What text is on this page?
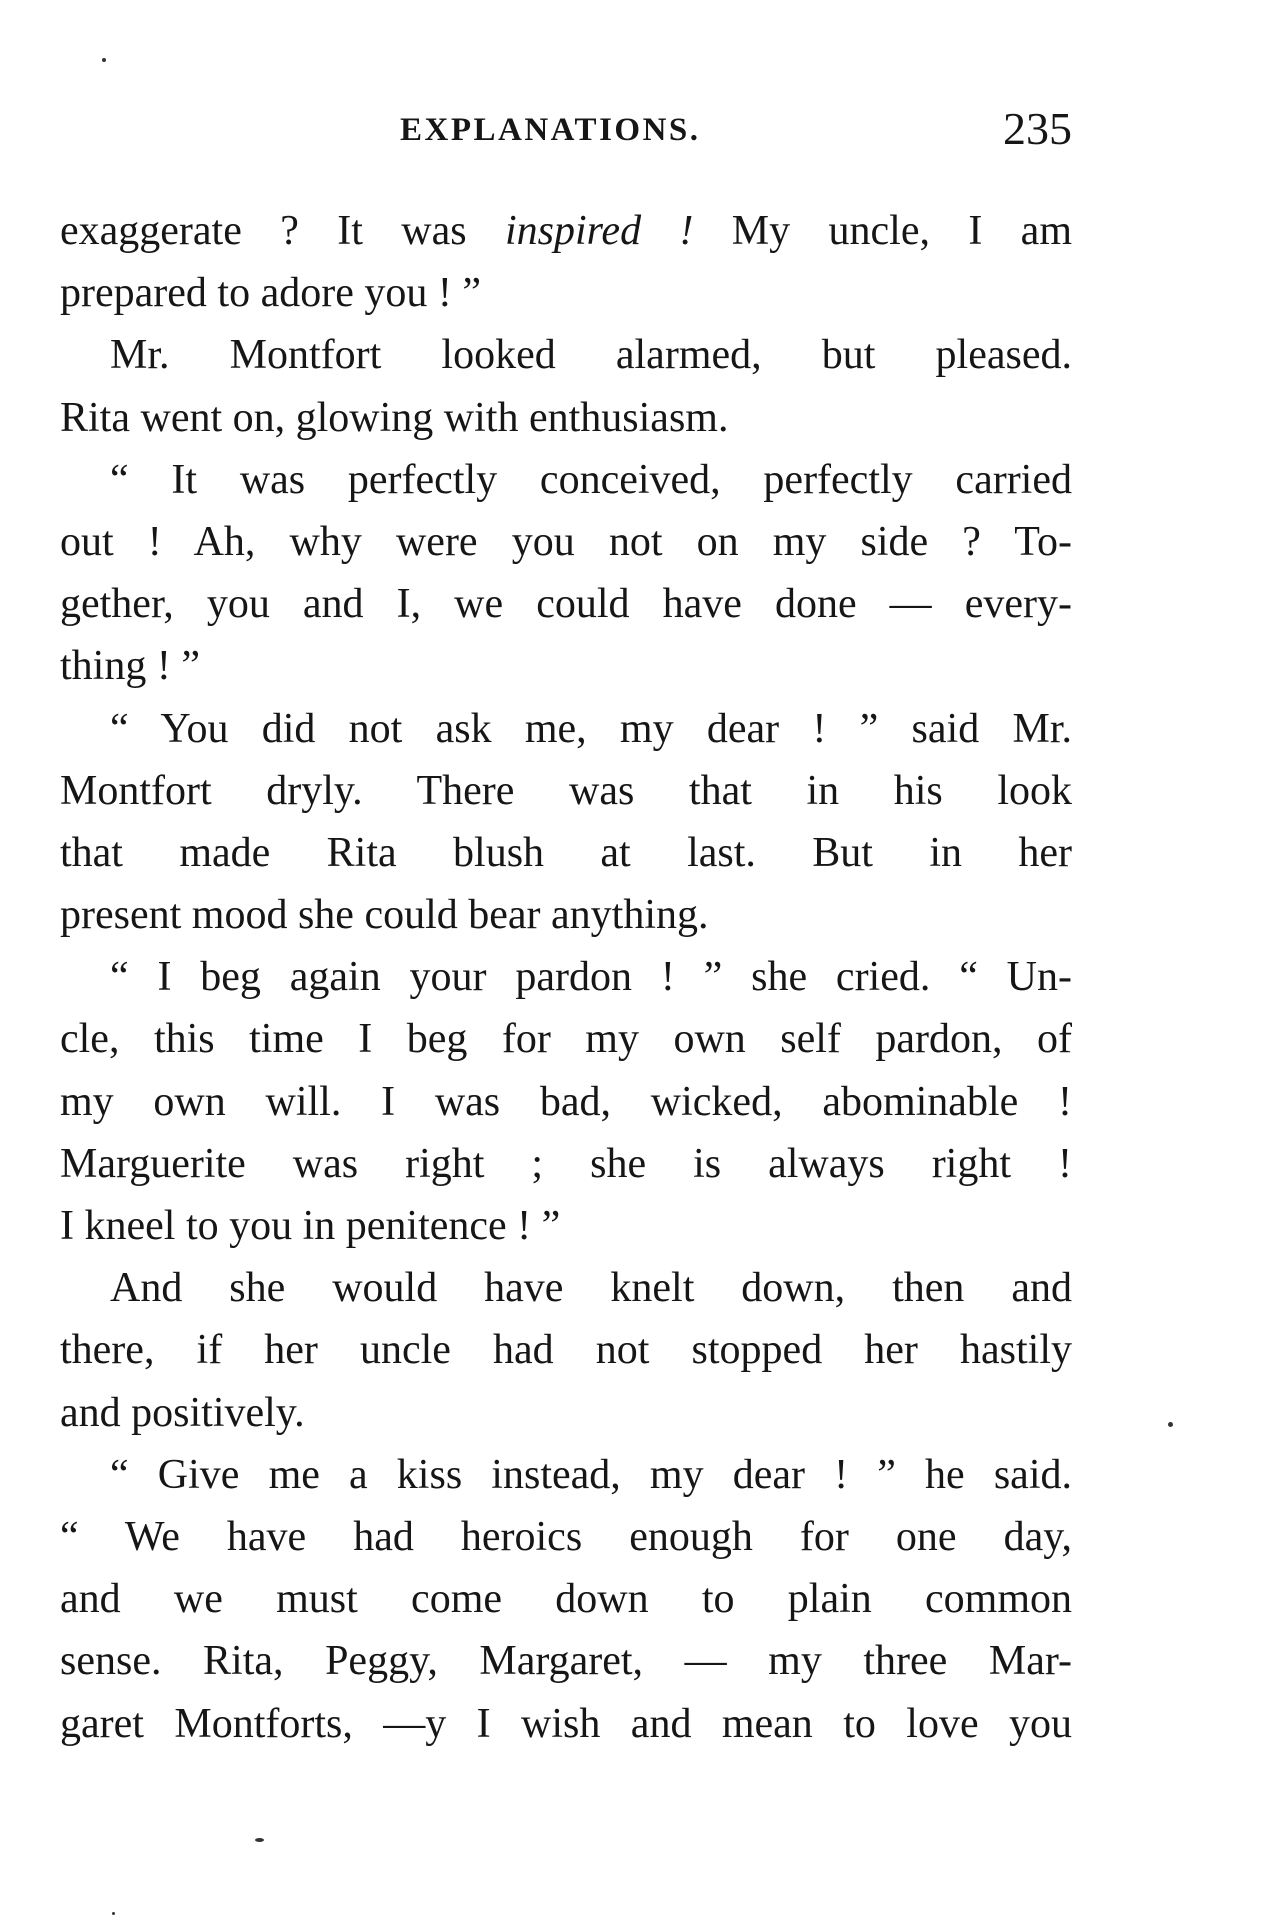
EXPLANATIONS.	235
exaggerate ? It was inspired ! My uncle, I am
prepared to adore you ! ”
Mr. Montfort looked alarmed, but pleased.
Rita went on, glowing with enthusiasm.
“ It was perfectly conceived, perfectly carried
out ! Ah, why were you not on my side ? To-
gether, you and I, we could have done — every-
thing ! ”
“ You did not ask me, my dear ! ” said Mr.
Montfort dryly. There was that in his look
that made Rita blush at last. But in her
present mood she could bear anything.
“ I beg again your pardon ! ” she cried. “ Un-
cle, this time I beg for my own self pardon, of
my own will. I was bad, wicked, abominable !
Marguerite was right ; she is always right !
I kneel to you in penitence ! ”
And she would have knelt down, then and
there, if her uncle had not stopped her hastily
and positively.
“ Give me a kiss instead, my dear ! ” he said.
“ We have had heroics enough for one day,
and we must come down to plain common
sense. Rita, Peggy, Margaret, — my three Mar-
garet Montforts, —y I wish and mean to love you
